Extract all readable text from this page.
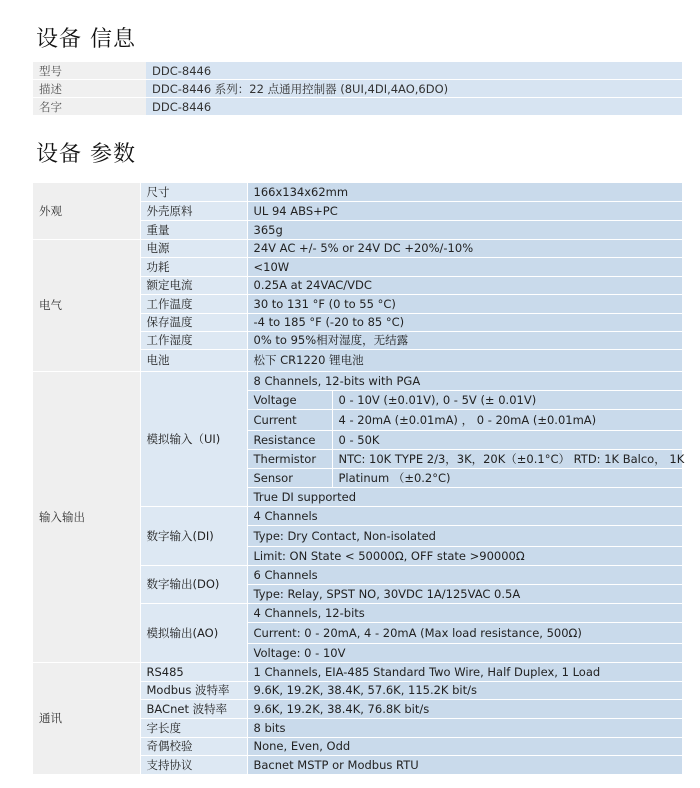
设备 信息
型号	DDC-8446
描述	DDC-8446 系列：22 点通用控制器 (8UI,4DI,4AO,6DO)
名字	DDC-8446
设备 参数
外观	尺寸	166x134x62mm	
	外壳原料	UL 94 ABS+PC	
	重量	365g	
电气	电源	24V AC +/- 5% or 24V DC +20%/-10%	
	功耗	<10W	
	额定电流	0.25A at 24VAC/VDC	
	工作温度	30 to 131 °F (0 to 55 °C)	
	保存温度	-4 to 185 °F (-20 to 85 °C)	
	工作湿度	0% to 95%相对湿度，无结露	
	电池	松下 CR1220 锂电池	
输入输出	模拟输入（UI)	8 Channels, 12-bits with PGA	
		Voltage	0 - 10V (±0.01V), 0 - 5V (± 0.01V)
		Current	4 - 20mA (±0.01mA) ， 0 - 20mA (±0.01mA)
		Resistance	0 - 50K
		Thermistor	NTC: 10K TYPE 2/3，3K，20K（±0.1°C） RTD: 1K Balco， 1K
		Sensor	Platinum （±0.2°C)
		True DI supported	
	数字输入(DI)	4 Channels	
		Type: Dry Contact, Non-isolated	
		Limit: ON State < 50000Ω, OFF state >90000Ω	
	数字输出(DO)	6 Channels	
		Type: Relay, SPST NO, 30VDC 1A/125VAC 0.5A	
	模拟输出(AO)	4 Channels, 12-bits	
		Current: 0 - 20mA, 4 - 20mA (Max load resistance, 500Ω)	
		Voltage: 0 - 10V	
通讯	RS485	1 Channels, EIA-485 Standard Two Wire, Half Duplex, 1 Load	
	Modbus 波特率	9.6K, 19.2K, 38.4K, 57.6K, 115.2K bit/s	
	BACnet 波特率	9.6K, 19.2K, 38.4K, 76.8K bit/s	
	字长度	8 bits	
	奇偶校验	None, Even, Odd	
	支持协议	Bacnet MSTP or Modbus RTU	
